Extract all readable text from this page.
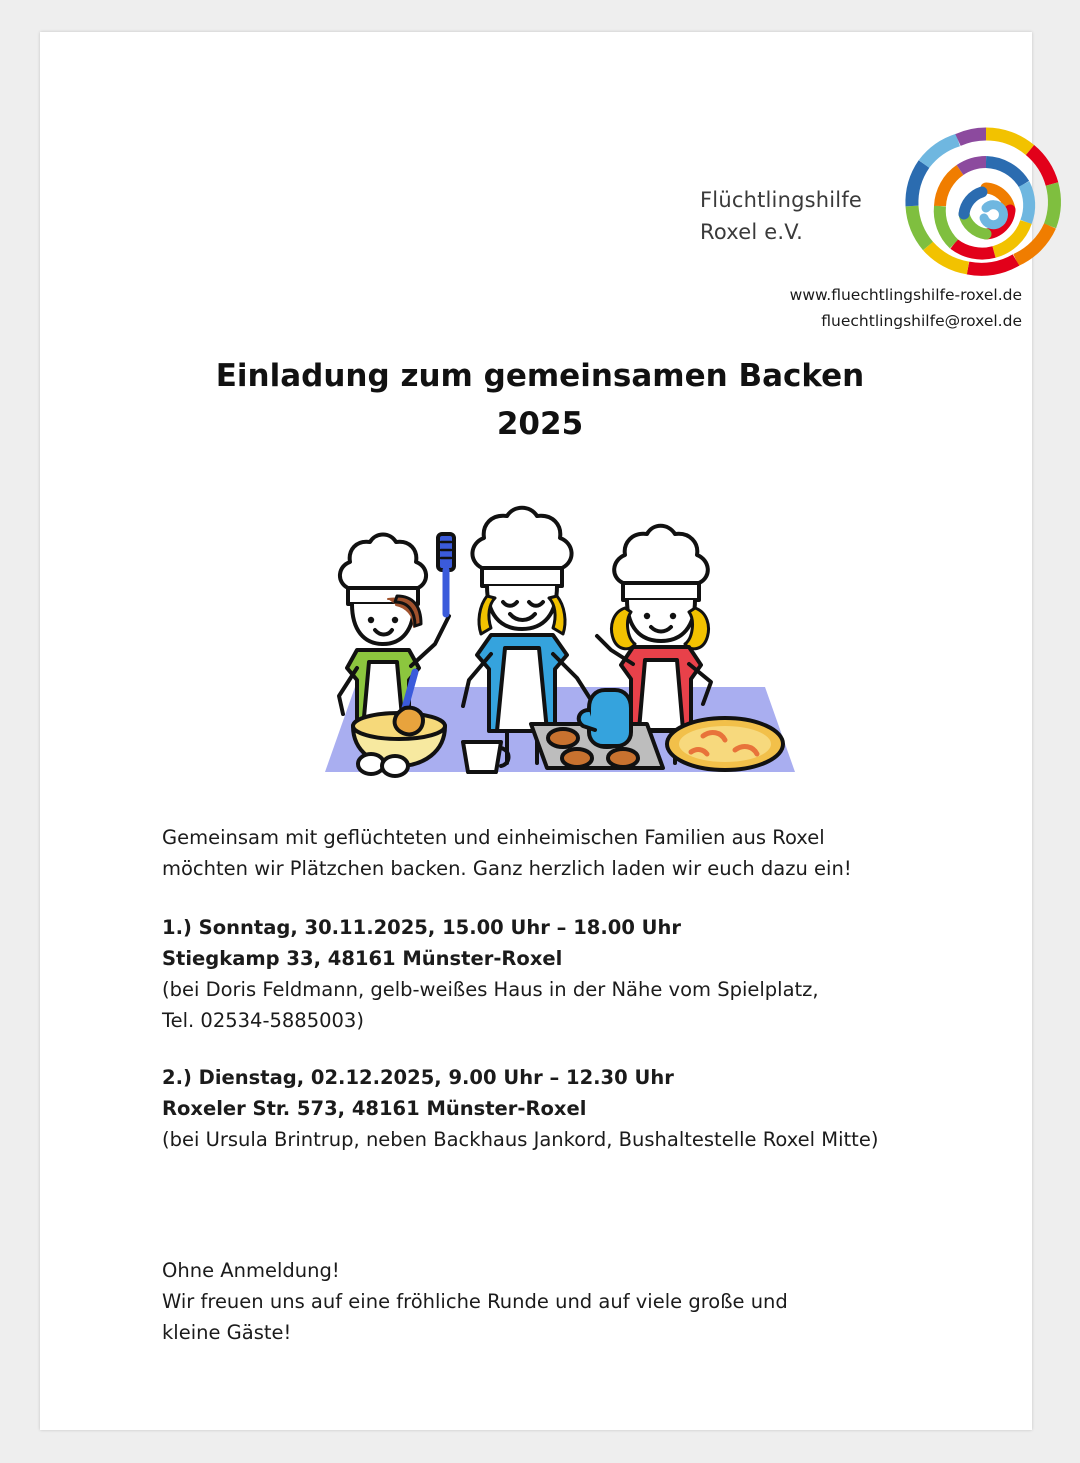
Flüchtlingshilfe
Roxel e.V.
www.fluechtlingshilfe-roxel.de
fluechtlingshilfe@roxel.de
Einladung zum gemeinsamen Backen
2025

Gemeinsam mit geflüchteten und einheimischen Familien aus Roxel
möchten wir Plätzchen backen. Ganz herzlich laden wir euch dazu ein!

1.) Sonntag, 30.11.2025, 15.00 Uhr – 18.00 Uhr
Stiegkamp 33, 48161 Münster-Roxel
(bei Doris Feldmann, gelb-weißes Haus in der Nähe vom Spielplatz,
Tel. 02534-5885003)

2.) Dienstag, 02.12.2025, 9.00 Uhr – 12.30 Uhr
Roxeler Str. 573, 48161 Münster-Roxel
(bei Ursula Brintrup, neben Backhaus Jankord, Bushaltestelle Roxel Mitte)

Ohne Anmeldung!
Wir freuen uns auf eine fröhliche Runde und auf viele große und
kleine Gäste!
